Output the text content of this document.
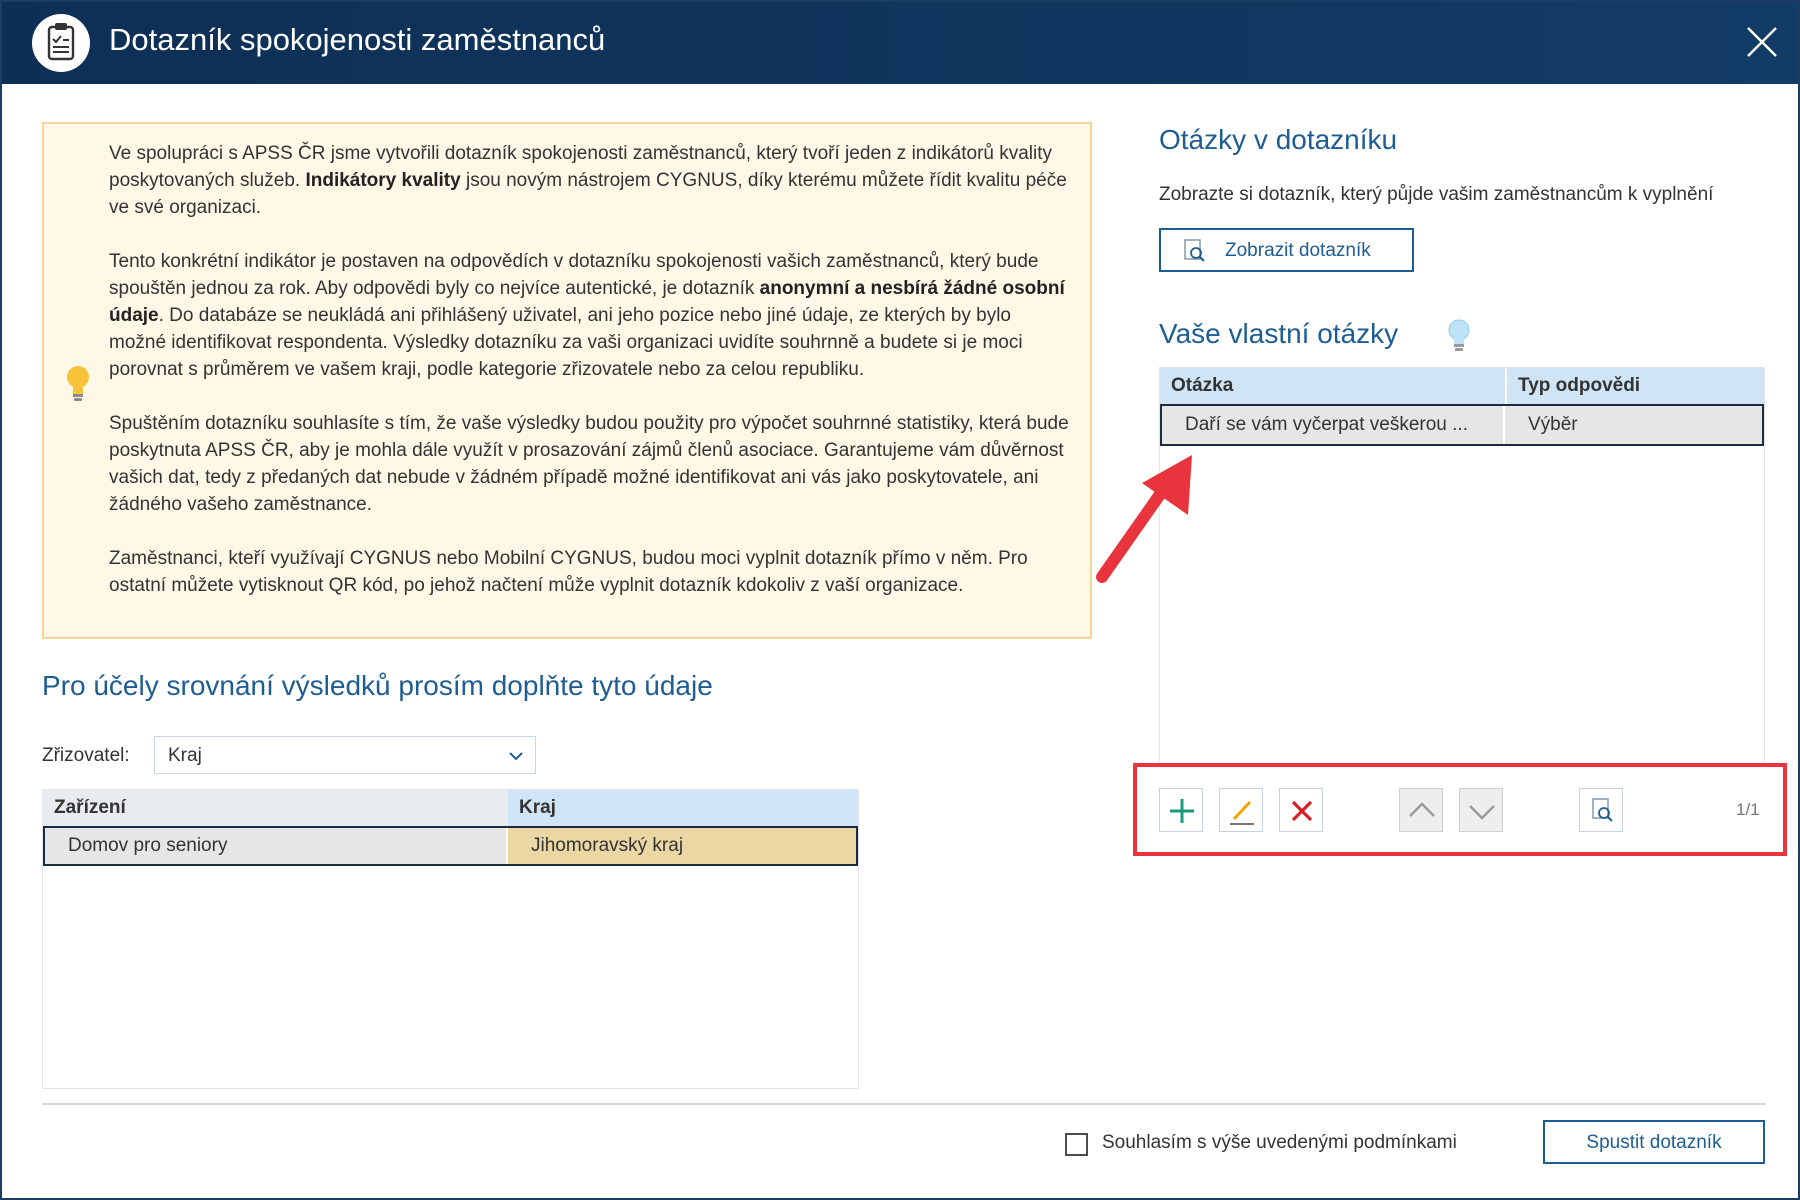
Dotazník spokojenosti zaměstnanců

Ve spolupráci s APSS ČR jsme vytvořili dotazník spokojenosti zaměstnanců, který tvoří jeden z indikátorů kvality poskytovaných služeb. Indikátory kvality jsou novým nástrojem CYGNUS, díky kterému můžete řídit kvalitu péče ve své organizaci.

Tento konkrétní indikátor je postaven na odpovědích v dotazníku spokojenosti vašich zaměstnanců, který bude spouštěn jednou za rok. Aby odpovědi byly co nejvíce autentické, je dotazník anonymní a nesbírá žádné osobní údaje. Do databáze se neukládá ani přihlášený uživatel, ani jeho pozice nebo jiné údaje, ze kterých by bylo možné identifikovat respondenta. Výsledky dotazníku za vaši organizaci uvidíte souhrnně a budete si je moci porovnat s průměrem ve vašem kraji, podle kategorie zřizovatele nebo za celou republiku.

Spuštěním dotazníku souhlasíte s tím, že vaše výsledky budou použity pro výpočet souhrnné statistiky, která bude poskytnuta APSS ČR, aby je mohla dále využít v prosazování zájmů členů asociace. Garantujeme vám důvěrnost vašich dat, tedy z předaných dat nebude v žádném případě možné identifikovat ani vás jako poskytovatele, ani žádného vašeho zaměstnance.

Zaměstnanci, kteří využívají CYGNUS nebo Mobilní CYGNUS, budou moci vyplnit dotazník přímo v něm. Pro ostatní můžete vytisknout QR kód, po jehož načtení může vyplnit dotazník kdokoliv z vaší organizace.

Pro účely srovnání výsledků prosím doplňte tyto údaje
Zřizovatel: Kraj
Zařízení	Kraj
Domov pro seniory	Jihomoravský kraj
Otázky v dotazníku
Zobrazte si dotazník, který půjde vašim zaměstnancům k vyplnění
Zobrazit dotazník
Vaše vlastní otázky
Otázka	Typ odpovědi
Daří se vám vyčerpat veškerou ...	Výběr
1/1
Souhlasím s výše uvedenými podmínkami	Spustit dotazník
